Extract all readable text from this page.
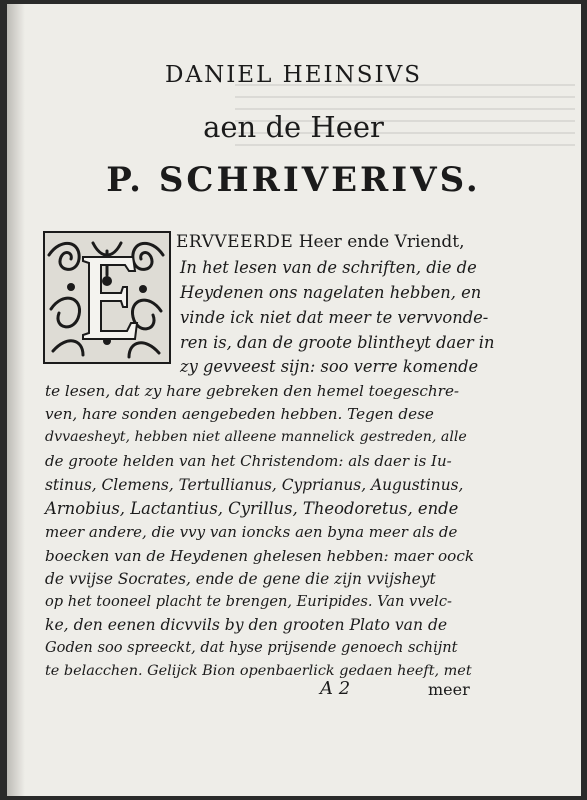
DANIEL HEINSIVS
aen de Heer
P. SCHRIVERIVS.
ERVVEERDE Heer ende Vriendt,
In het lesen van de schriften, die de
Heydenen ons nagelaten hebben, en
vinde ick niet dat meer te vervvonde-
ren is, dan de groote blintheyt daer in
zy gevveest sijn: soo verre komende
te lesen, dat zy hare gebreken den hemel toegeschre-
ven, hare sonden aengebeden hebben. Tegen dese
dvvaesheyt, hebben niet alleene mannelick gestreden, alle
de groote helden van het Christendom: als daer is Iu-
stinus, Clemens, Tertullianus, Cyprianus, Augustinus,
Arnobius, Lactantius, Cyrillus, Theodoretus, ende
meer andere, die vvy van ioncks aen byna meer als de
boecken van de Heydenen ghelesen hebben: maer oock
de vvijse Socrates, ende de gene die zijn vvijsheyt
op het tooneel placht te brengen, Euripides. Van vvelc-
ke, den eenen dicvvils by den grooten Plato van de
Goden soo spreeckt, dat hyse prijsende genoech schijnt
te belacchen. Gelijck Bion openbaerlick gedaen heeft, met
A 2	meer
